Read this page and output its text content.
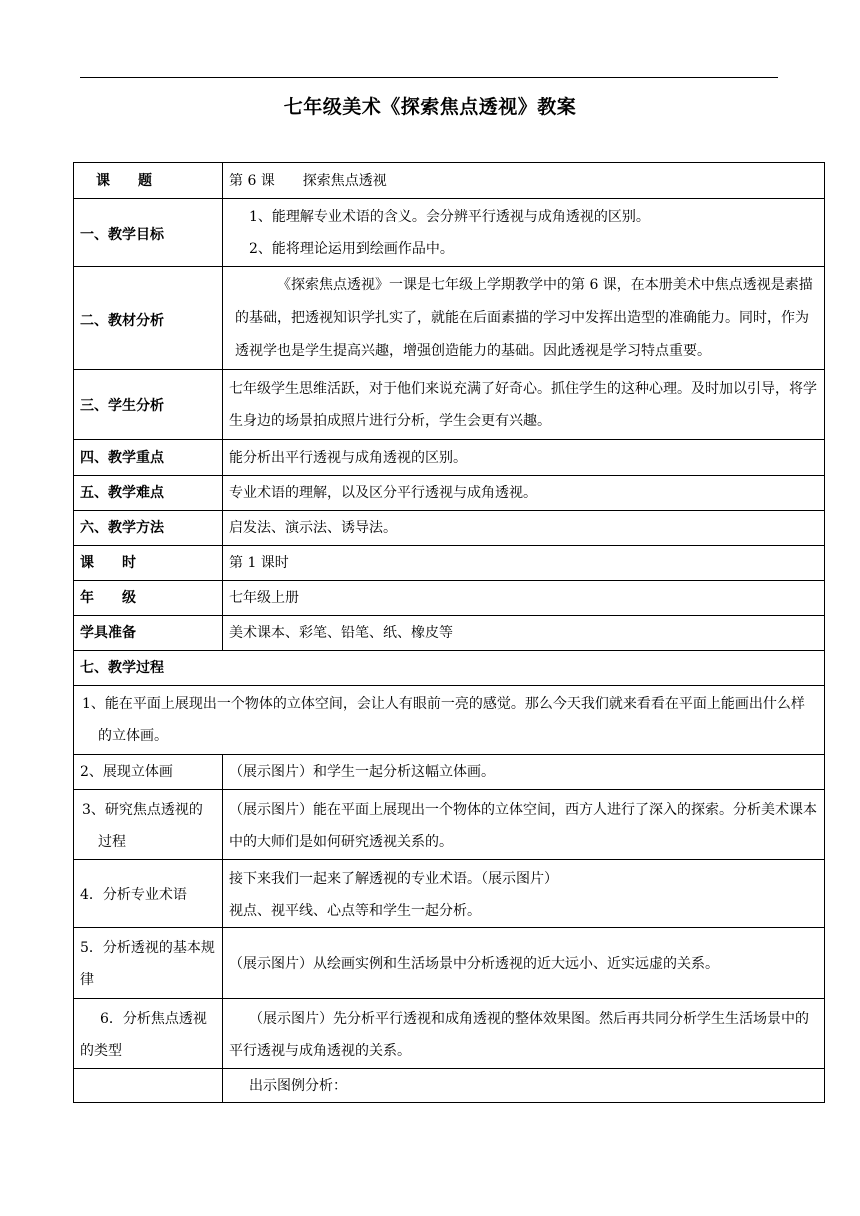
七年级美术《探索焦点透视》教案
课　　题	第 6 课　　探索焦点透视
一、教学目标	1、能理解专业术语的含义。会分辨平行透视与成角透视的区别。
2、能将理论运用到绘画作品中。

二、教材分析	《探索焦点透视》一课是七年级上学期教学中的第 6 课，在本册美术中焦点透视是素描的基础，把透视知识学扎实了，就能在后面素描的学习中发挥出造型的准确能力。同时，作为透视学也是学生提高兴趣，增强创造能力的基础。因此透视是学习特点重要。

三、学生分析	七年级学生思维活跃，对于他们来说充满了好奇心。抓住学生的这种心理。及时加以引导，将学生身边的场景拍成照片进行分析，学生会更有兴趣。
四、教学重点	能分析出平行透视与成角透视的区别。
五、教学难点	专业术语的理解，以及区分平行透视与成角透视。
六、教学方法	启发法、演示法、诱导法。
课　　时	第 1 课时
年　　级	七年级上册
学具准备	美术课本、彩笔、铅笔、纸、橡皮等
七、教学过程	
1、能在平面上展现出一个物体的立体空间，会让人有眼前一亮的感觉。那么今天我们就来看看在平面上能画出什么样的立体画。	
2、展现立体画	（展示图片）和学生一起分析这幅立体画。
3、研究焦点透视的过程	（展示图片）能在平面上展现出一个物体的立体空间，西方人进行了深入的探索。分析美术课本中的大师们是如何研究透视关系的。
4．分析专业术语	接下来我们一起来了解透视的专业术语。（展示图片）
视点、视平线、心点等和学生一起分析。

5．分析透视的基本规律	（展示图片）从绘画实例和生活场景中分析透视的近大远小、近实远虚的关系。
6．分析焦点透视的类型	（展示图片）先分析平行透视和成角透视的整体效果图。然后再共同分析学生生活场景中的平行透视与成角透视的关系。
	出示图例分析：
